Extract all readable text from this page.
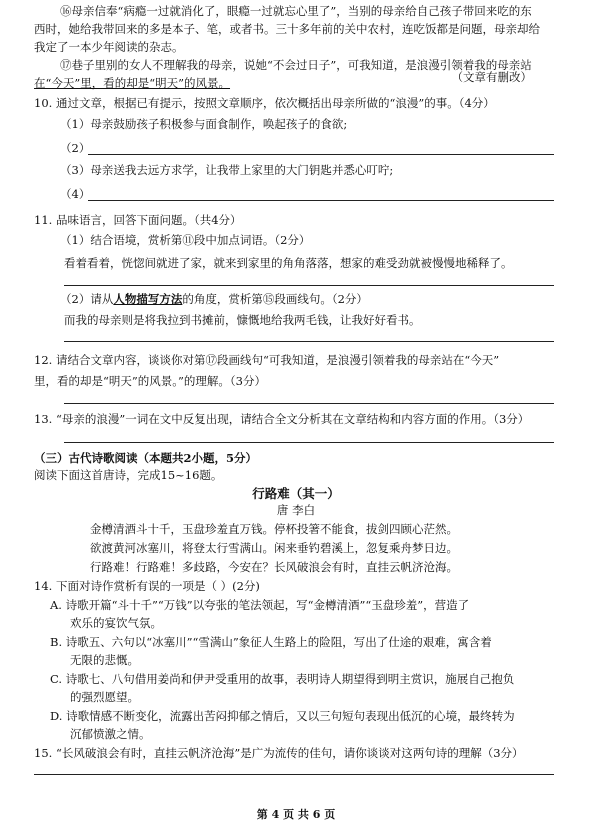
⑯母亲信奉“病瘾一过就消化了，眼瘾一过就忘心里了”，当别的母亲给自己孩子带回来吃的东
西时，她给我带回来的多是本子、笔，或者书。三十多年前的关中农村，连吃饭都是问题，母亲却给
我定了一本少年阅读的杂志。
⑰巷子里别的女人不理解我的母亲，说她“不会过日子”，可我知道，是浪漫引领着我的母亲站
在“今天”里，看的却是“明天”的风景。	（文章有删改）
10. 通过文章，根据已有提示，按照文章顺序，依次概括出母亲所做的“浪漫”的事。（4分）
（1）母亲鼓励孩子积极参与面食制作，唤起孩子的食欲;
（2）
（3）母亲送我去远方求学，让我带上家里的大门钥匙并悉心叮咛;
（4）
11. 品味语言，回答下面问题。（共4分）
（1）结合语境，赏析第⑪段中加点词语。（2分）
看着看着，恍惚间就进了家，就来到家里的角角落落，想家的难受劲就被慢慢地稀释了。
（2）请从人物描写方法的角度，赏析第⑮段画线句。（2分）
而我的母亲则是将我拉到书摊前，慷慨地给我两毛钱，让我好好看书。
12. 请结合文章内容，谈谈你对第⑰段画线句“可我知道，是浪漫引领着我的母亲站在“今天”
里，看的却是“明天”的风景。”的理解。（3分）
13. “母亲的浪漫”一词在文中反复出现，请结合全文分析其在文章结构和内容方面的作用。（3分）
（三）古代诗歌阅读（本题共2小题，5分）
阅读下面这首唐诗，完成15~16题。
行路难（其一）
唐 李白
金樽清酒斗十千，玉盘珍羞直万钱。停杯投箸不能食，拔剑四顾心茫然。
欲渡黄河冰塞川，将登太行雪满山。闲来垂钓碧溪上，忽复乘舟梦日边。
行路难！行路难！多歧路，今安在？长风破浪会有时，直挂云帆济沧海。
14. 下面对诗作赏析有误的一项是（ ）(2分)
A. 诗歌开篇“斗十千”“万钱”以夸张的笔法领起，写“金樽清酒”“玉盘珍羞”，营造了
欢乐的宴饮气氛。
B. 诗歌五、六句以“冰塞川”“雪满山”象征人生路上的险阻，写出了仕途的艰难，寓含着
无限的悲慨。
C. 诗歌七、八句借用姜尚和伊尹受重用的故事，表明诗人期望得到明主赏识，施展自己抱负
的强烈愿望。
D. 诗歌情感不断变化，流露出苦闷抑郁之情后，又以三句短句表现出低沉的心境，最终转为
沉郁愤激之情。
15. “长风破浪会有时，直挂云帆济沧海”是广为流传的佳句，请你谈谈对这两句诗的理解（3分）
第 4 页 共 6 页
